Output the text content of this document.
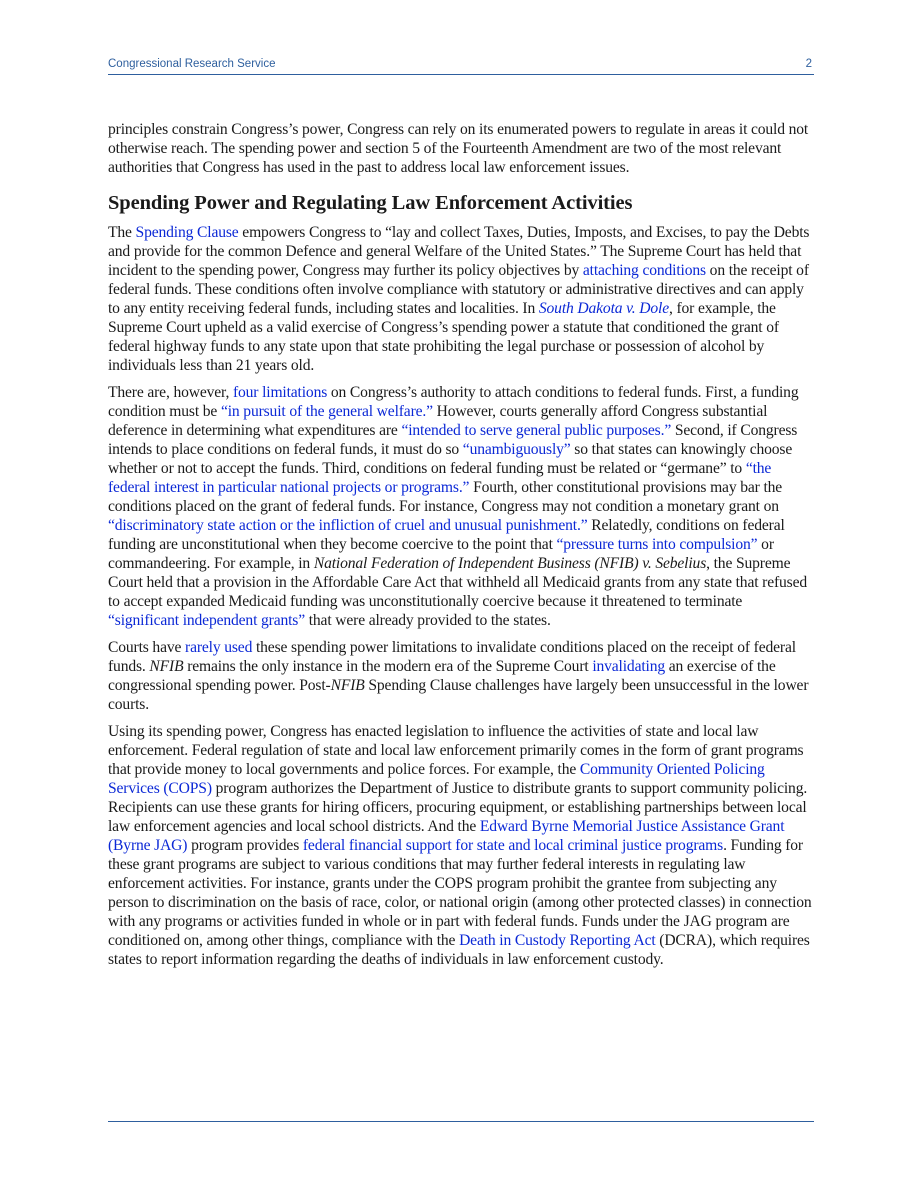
Congressional Research Service	2

principles constrain Congress’s power, Congress can rely on its enumerated powers to regulate in areas it could not otherwise reach. The spending power and section 5 of the Fourteenth Amendment are two of the most relevant authorities that Congress has used in the past to address local law enforcement issues.

Spending Power and Regulating Law Enforcement Activities

The Spending Clause empowers Congress to “lay and collect Taxes, Duties, Imposts, and Excises, to pay the Debts and provide for the common Defence and general Welfare of the United States.” The Supreme Court has held that incident to the spending power, Congress may further its policy objectives by attaching conditions on the receipt of federal funds. These conditions often involve compliance with statutory or administrative directives and can apply to any entity receiving federal funds, including states and localities. In South Dakota v. Dole, for example, the Supreme Court upheld as a valid exercise of Congress’s spending power a statute that conditioned the grant of federal highway funds to any state upon that state prohibiting the legal purchase or possession of alcohol by individuals less than 21 years old.

There are, however, four limitations on Congress’s authority to attach conditions to federal funds. First, a funding condition must be “in pursuit of the general welfare.” However, courts generally afford Congress substantial deference in determining what expenditures are “intended to serve general public purposes.” Second, if Congress intends to place conditions on federal funds, it must do so “unambiguously” so that states can knowingly choose whether or not to accept the funds. Third, conditions on federal funding must be related or “germane” to “the federal interest in particular national projects or programs.” Fourth, other constitutional provisions may bar the conditions placed on the grant of federal funds. For instance, Congress may not condition a monetary grant on “discriminatory state action or the infliction of cruel and unusual punishment.” Relatedly, conditions on federal funding are unconstitutional when they become coercive to the point that “pressure turns into compulsion” or commandeering. For example, in National Federation of Independent Business (NFIB) v. Sebelius, the Supreme Court held that a provision in the Affordable Care Act that withheld all Medicaid grants from any state that refused to accept expanded Medicaid funding was unconstitutionally coercive because it threatened to terminate “significant independent grants” that were already provided to the states.

Courts have rarely used these spending power limitations to invalidate conditions placed on the receipt of federal funds. NFIB remains the only instance in the modern era of the Supreme Court invalidating an exercise of the congressional spending power. Post-NFIB Spending Clause challenges have largely been unsuccessful in the lower courts.

Using its spending power, Congress has enacted legislation to influence the activities of state and local law enforcement. Federal regulation of state and local law enforcement primarily comes in the form of grant programs that provide money to local governments and police forces. For example, the Community Oriented Policing Services (COPS) program authorizes the Department of Justice to distribute grants to support community policing. Recipients can use these grants for hiring officers, procuring equipment, or establishing partnerships between local law enforcement agencies and local school districts. And the Edward Byrne Memorial Justice Assistance Grant (Byrne JAG) program provides federal financial support for state and local criminal justice programs. Funding for these grant programs are subject to various conditions that may further federal interests in regulating law enforcement activities. For instance, grants under the COPS program prohibit the grantee from subjecting any person to discrimination on the basis of race, color, or national origin (among other protected classes) in connection with any programs or activities funded in whole or in part with federal funds. Funds under the JAG program are conditioned on, among other things, compliance with the Death in Custody Reporting Act (DCRA), which requires states to report information regarding the deaths of individuals in law enforcement custody.
